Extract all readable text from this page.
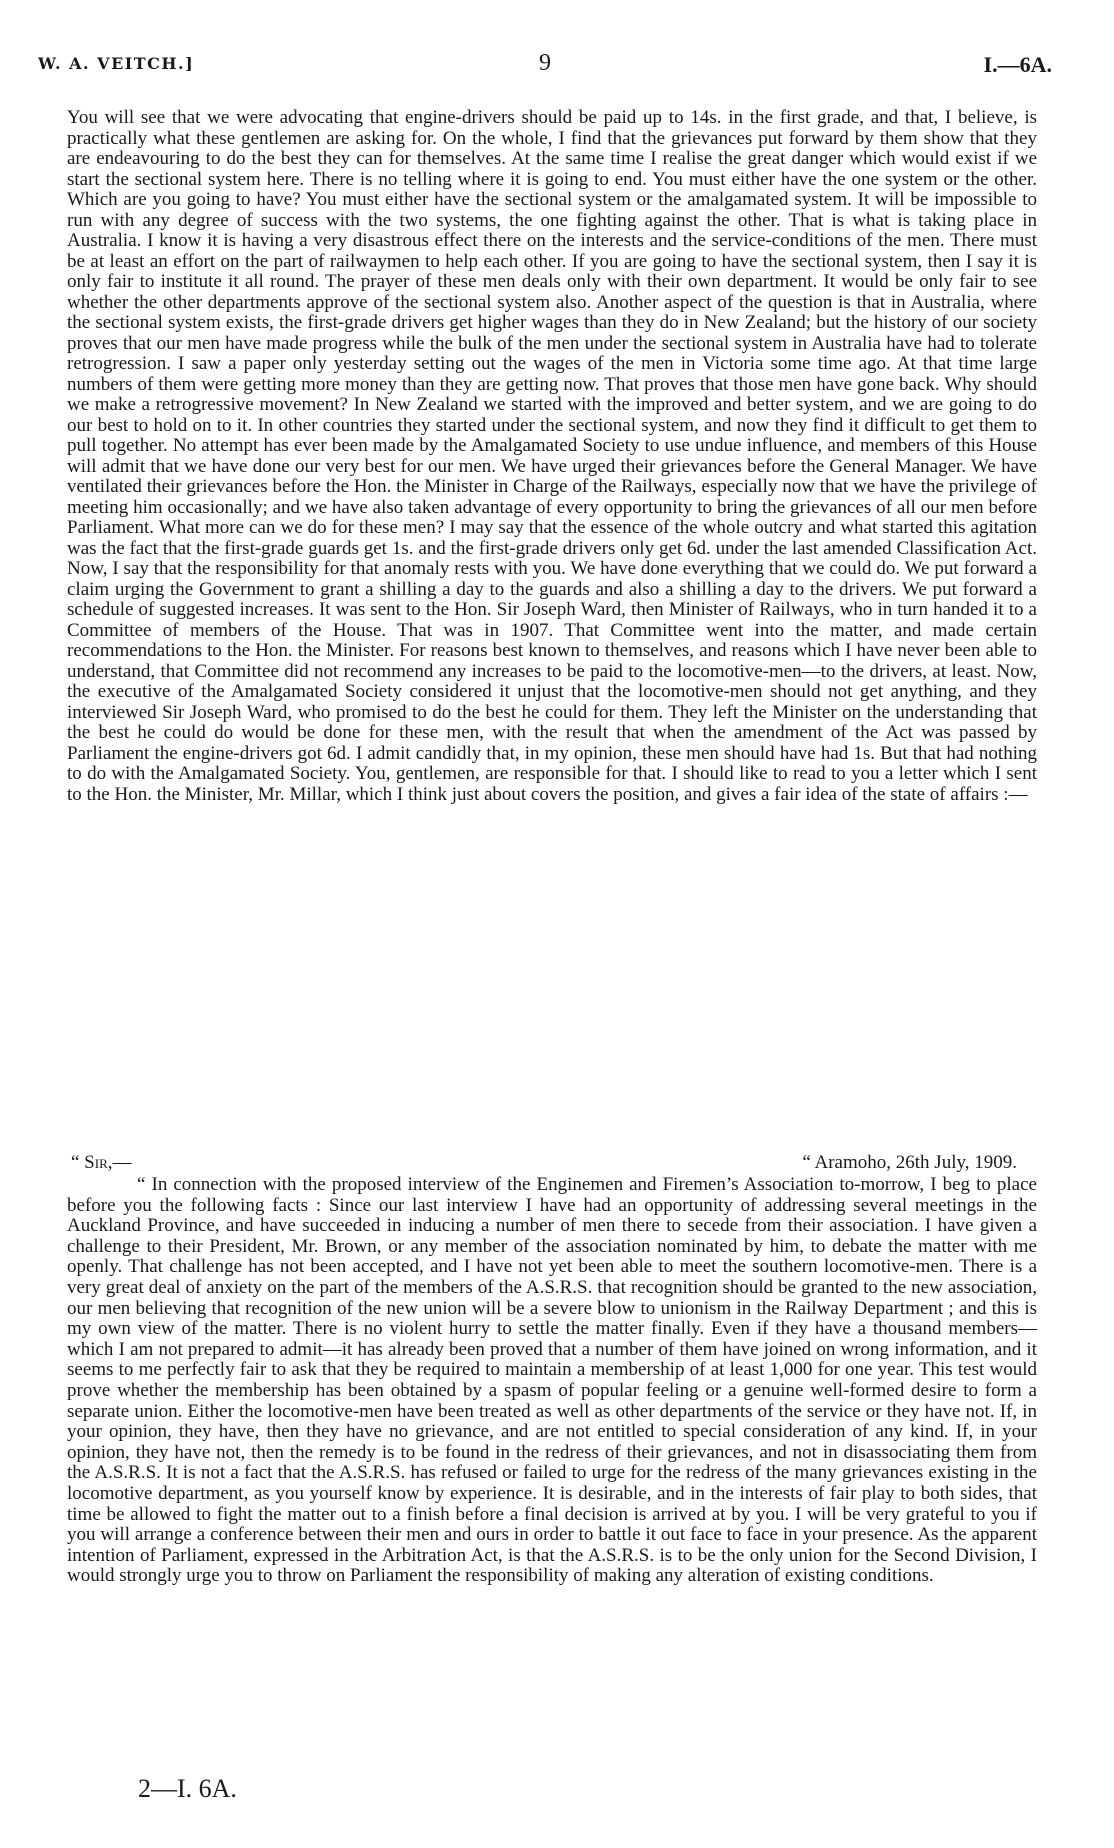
W. A. VEITCH.]	9	I.—6A.

You will see that we were advocating that engine-drivers should be paid up to 14s. in the first grade, and that, I believe, is practically what these gentlemen are asking for. On the whole, I find that the grievances put forward by them show that they are endeavouring to do the best they can for themselves. At the same time I realise the great danger which would exist if we start the sectional system here. There is no telling where it is going to end. You must either have the one system or the other. Which are you going to have? You must either have the sectional system or the amalgamated system. It will be impossible to run with any degree of success with the two systems, the one fighting against the other. That is what is taking place in Australia. I know it is having a very disastrous effect there on the interests and the service-conditions of the men. There must be at least an effort on the part of railwaymen to help each other. If you are going to have the sectional system, then I say it is only fair to institute it all round. The prayer of these men deals only with their own department. It would be only fair to see whether the other departments approve of the sectional system also. Another aspect of the question is that in Australia, where the sectional system exists, the first-grade drivers get higher wages than they do in New Zealand; but the history of our society proves that our men have made progress while the bulk of the men under the sectional system in Australia have had to tolerate retrogression. I saw a paper only yesterday setting out the wages of the men in Victoria some time ago. At that time large numbers of them were getting more money than they are getting now. That proves that those men have gone back. Why should we make a retrogressive movement? In New Zealand we started with the improved and better system, and we are going to do our best to hold on to it. In other countries they started under the sectional system, and now they find it difficult to get them to pull together. No attempt has ever been made by the Amalgamated Society to use undue influence, and members of this House will admit that we have done our very best for our men. We have urged their grievances before the General Manager. We have ventilated their grievances before the Hon. the Minister in Charge of the Railways, especially now that we have the privilege of meeting him occasionally; and we have also taken advantage of every opportunity to bring the grievances of all our men before Parliament. What more can we do for these men? I may say that the essence of the whole outcry and what started this agitation was the fact that the first-grade guards get 1s. and the first-grade drivers only get 6d. under the last amended Classification Act. Now, I say that the responsibility for that anomaly rests with you. We have done everything that we could do. We put forward a claim urging the Government to grant a shilling a day to the guards and also a shilling a day to the drivers. We put forward a schedule of suggested increases. It was sent to the Hon. Sir Joseph Ward, then Minister of Railways, who in turn handed it to a Committee of members of the House. That was in 1907. That Committee went into the matter, and made certain recommendations to the Hon. the Minister. For reasons best known to themselves, and reasons which I have never been able to understand, that Committee did not recommend any increases to be paid to the locomotive-men—to the drivers, at least. Now, the executive of the Amalgamated Society considered it unjust that the locomotive-men should not get anything, and they interviewed Sir Joseph Ward, who promised to do the best he could for them. They left the Minister on the understanding that the best he could do would be done for these men, with the result that when the amendment of the Act was passed by Parliament the engine-drivers got 6d. I admit candidly that, in my opinion, these men should have had 1s. But that had nothing to do with the Amalgamated Society. You, gentlemen, are responsible for that. I should like to read to you a letter which I sent to the Hon. the Minister, Mr. Millar, which I think just about covers the position, and gives a fair idea of the state of affairs :—

“ Sir,—	“ Aramoho, 26th July, 1909.

“ In connection with the proposed interview of the Enginemen and Firemen’s Association to-morrow, I beg to place before you the following facts : Since our last interview I have had an opportunity of addressing several meetings in the Auckland Province, and have succeeded in inducing a number of men there to secede from their association. I have given a challenge to their President, Mr. Brown, or any member of the association nominated by him, to debate the matter with me openly. That challenge has not been accepted, and I have not yet been able to meet the southern locomotive-men. There is a very great deal of anxiety on the part of the members of the A.S.R.S. that recognition should be granted to the new association, our men believing that recognition of the new union will be a severe blow to unionism in the Railway Department ; and this is my own view of the matter. There is no violent hurry to settle the matter finally. Even if they have a thousand members—which I am not prepared to admit—it has already been proved that a number of them have joined on wrong information, and it seems to me perfectly fair to ask that they be required to maintain a membership of at least 1,000 for one year. This test would prove whether the membership has been obtained by a spasm of popular feeling or a genuine well-formed desire to form a separate union. Either the locomotive-men have been treated as well as other departments of the service or they have not. If, in your opinion, they have, then they have no grievance, and are not entitled to special consideration of any kind. If, in your opinion, they have not, then the remedy is to be found in the redress of their grievances, and not in disassociating them from the A.S.R.S. It is not a fact that the A.S.R.S. has refused or failed to urge for the redress of the many grievances existing in the locomotive department, as you yourself know by experience. It is desirable, and in the interests of fair play to both sides, that time be allowed to fight the matter out to a finish before a final decision is arrived at by you. I will be very grateful to you if you will arrange a conference between their men and ours in order to battle it out face to face in your presence. As the apparent intention of Parliament, expressed in the Arbitration Act, is that the A.S.R.S. is to be the only union for the Second Division, I would strongly urge you to throw on Parliament the responsibility of making any alteration of existing conditions.

2—I. 6A.
